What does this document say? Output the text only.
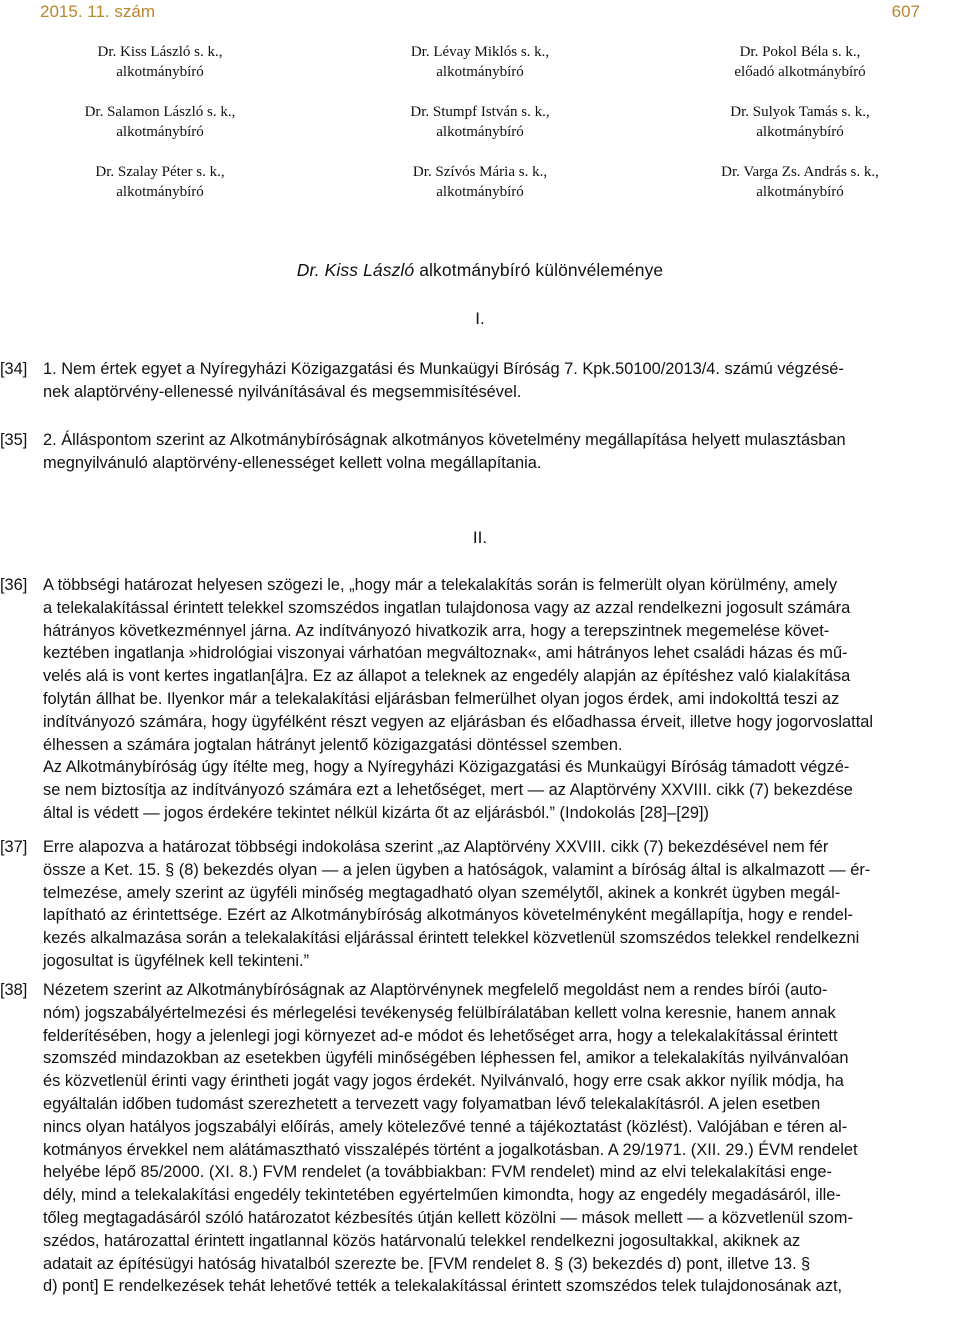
2015. 11. szám	607
Dr. Kiss László s. k.,
alkotmánybíró
Dr. Lévay Miklós s. k.,
alkotmánybíró
Dr. Pokol Béla s. k.,
előadó alkotmánybíró
Dr. Salamon László s. k.,
alkotmánybíró
Dr. Stumpf István s. k.,
alkotmánybíró
Dr. Sulyok Tamás s. k.,
alkotmánybíró
Dr. Szalay Péter s. k.,
alkotmánybíró
Dr. Szívós Mária s. k.,
alkotmánybíró
Dr. Varga Zs. András s. k.,
alkotmánybíró
Dr. Kiss László alkotmánybíró különvéleménye
I.
[34] 1. Nem értek egyet a Nyíregyházi Közigazgatási és Munkaügyi Bíróság 7. Kpk.50100/2013/4. számú végzésé-
nek alaptörvény-ellenessé nyilvánításával és megsemmisítésével.
[35] 2. Álláspontom szerint az Alkotmánybíróságnak alkotmányos követelmény megállapítása helyett mulasztásban
megnyilvánuló alaptörvény-ellenességet kellett volna megállapítania.
II.
[36] A többségi határozat helyesen szögezi le, „hogy már a telekalakítás során is felmerült olyan körülmény, amely
a telekalakítással érintett telekkel szomszédos ingatlan tulajdonosa vagy az azzal rendelkezni jogosult számára
hátrányos következménnyel járna. Az indítványozó hivatkozik arra, hogy a terepszintnek megemelése követ-
keztében ingatlanja »hidrológiai viszonyai várhatóan megváltoznak«, ami hátrányos lehet családi házas és mű-
velés alá is vont kertes ingatlan[á]ra. Ez az állapot a teleknek az engedély alapján az építéshez való kialakítása
folytán állhat be. Ilyenkor már a telekalakítási eljárásban felmerülhet olyan jogos érdek, ami indokolttá teszi az
indítványozó számára, hogy ügyfélként részt vegyen az eljárásban és előadhassa érveit, illetve hogy jogorvoslattal
élhessen a számára jogtalan hátrányt jelentő közigazgatási döntéssel szemben.
Az Alkotmánybíróság úgy ítélte meg, hogy a Nyíregyházi Közigazgatási és Munkaügyi Bíróság támadott végzé-
se nem biztosítja az indítványozó számára ezt a lehetőséget, mert — az Alaptörvény XXVIII. cikk (7) bekezdése
által is védett — jogos érdekére tekintet nélkül kizárta őt az eljárásból.” (Indokolás [28]–[29])
[37] Erre alapozva a határozat többségi indokolása szerint „az Alaptörvény XXVIII. cikk (7) bekezdésével nem fér
össze a Ket. 15. § (8) bekezdés olyan — a jelen ügyben a hatóságok, valamint a bíróság által is alkalmazott — ér-
telmezése, amely szerint az ügyféli minőség megtagadható olyan személytől, akinek a konkrét ügyben megál-
lapítható az érintettsége. Ezért az Alkotmánybíróság alkotmányos követelményként megállapítja, hogy e rendel-
kezés alkalmazása során a telekalakítási eljárással érintett telekkel közvetlenül szomszédos telekkel rendelkezni
jogosultat is ügyfélnek kell tekinteni.”
[38] Nézetem szerint az Alkotmánybíróságnak az Alaptörvénynek megfelelő megoldást nem a rendes bírói (auto-
nóm) jogszabályértelmezési és mérlegelési tevékenység felülbírálatában kellett volna keresnie, hanem annak
felderítésében, hogy a jelenlegi jogi környezet ad-e módot és lehetőséget arra, hogy a telekalakítással érintett
szomszéd mindazokban az esetekben ügyféli minőségében léphessen fel, amikor a telekalakítás nyilvánvalóan
és közvetlenül érinti vagy érintheti jogát vagy jogos érdekét. Nyilvánvaló, hogy erre csak akkor nyílik módja, ha
egyáltalán időben tudomást szerezhetett a tervezett vagy folyamatban lévő telekalakításról. A jelen esetben
nincs olyan hatályos jogszabályi előírás, amely kötelezővé tenné a tájékoztatást (közlést). Valójában e téren al-
kotmányos érvekkel nem alátámasztható visszalépés történt a jogalkotásban. A 29/1971. (XII. 29.) ÉVM rendelet
helyébe lépő 85/2000. (XI. 8.) FVM rendelet (a továbbiakban: FVM rendelet) mind az elvi telekalakítási enge-
dély, mind a telekalakítási engedély tekintetében egyértelműen kimondta, hogy az engedély megadásáról, ille-
tőleg megtagadásáról szóló határozatot kézbesítés útján kellett közölni — mások mellett — a közvetlenül szom-
szédos, határozattal érintett ingatlannal közös határvonalú telekkel rendelkezni jogosultakkal, akiknek az
adatait az építésügyi hatóság hivatalból szerezte be. [FVM rendelet 8. § (3) bekezdés d) pont, illetve 13. §
d) pont] E rendelkezések tehát lehetővé tették a telekalakítással érintett szomszédos telek tulajdonosának azt,
